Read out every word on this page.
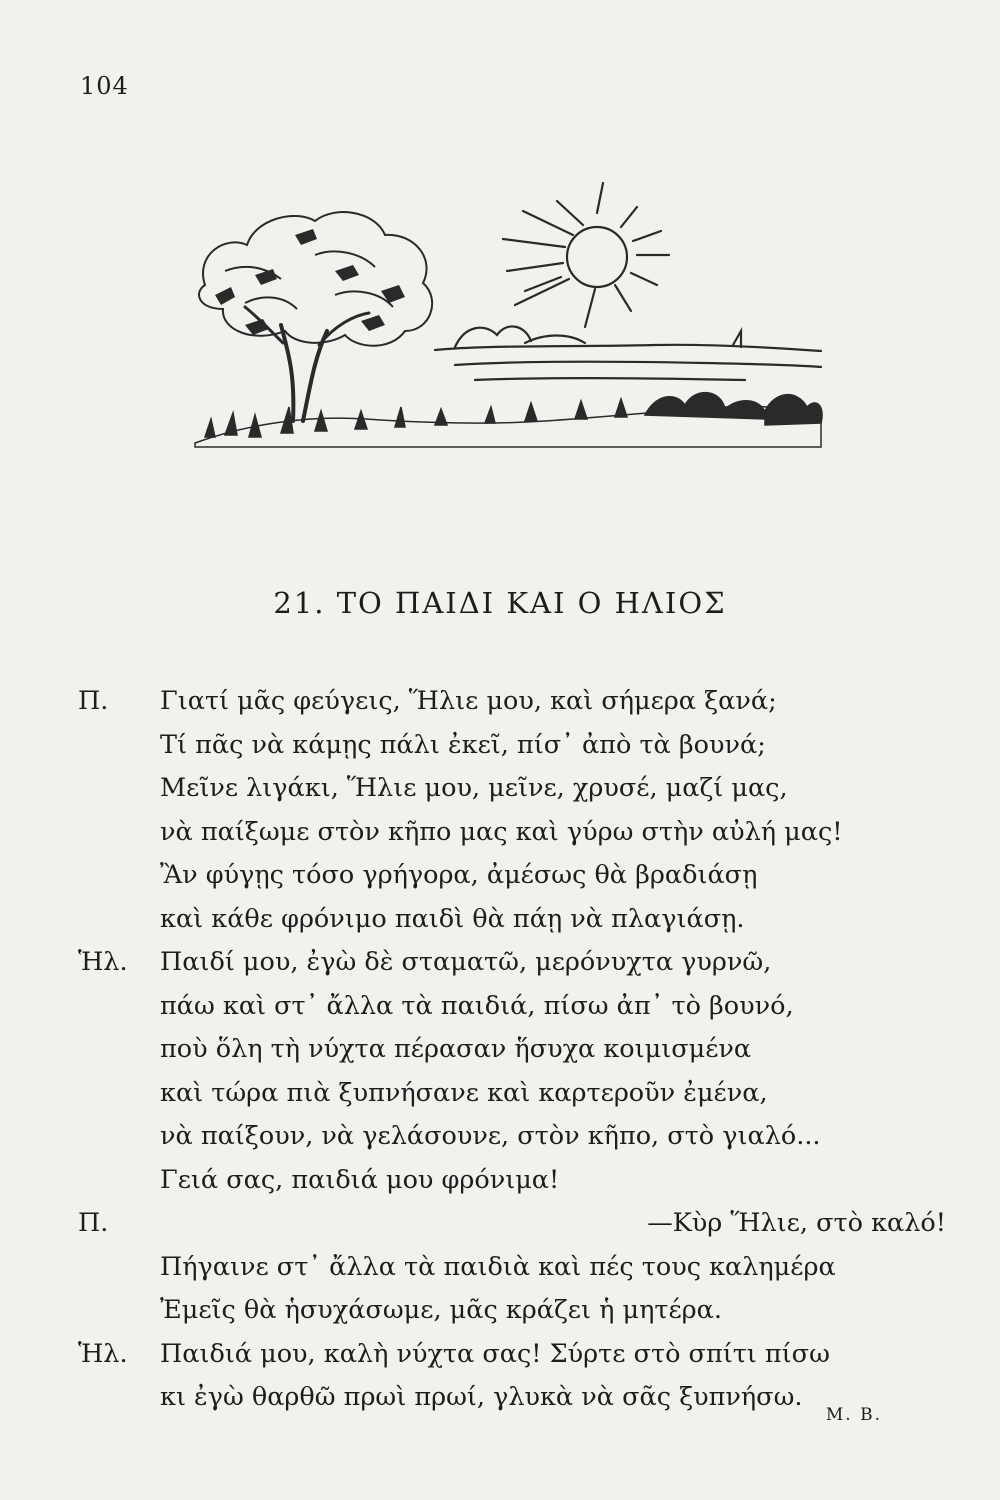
104
21. ΤΟ ΠΑΙΔΙ ΚΑΙ Ο ΗΛΙΟΣ
Π. Γιατί μᾶς φεύγεις, Ἥλιε μου, καὶ σήμερα ξανά;
Τί πᾶς νὰ κάμῃς πάλι ἐκεῖ, πίσ᾽ ἀπὸ τὰ βουνά;
Μεῖνε λιγάκι, Ἥλιε μου, μεῖνε, χρυσέ, μαζί μας,
νὰ παίξωμε στὸν κῆπο μας καὶ γύρω στὴν αὐλή μας!
Ἂν φύγῃς τόσο γρήγορα, ἀμέσως θὰ βραδιάσῃ
καὶ κάθε φρόνιμο παιδὶ θὰ πάῃ νὰ πλαγιάσῃ.
Ἡλ. Παιδί μου, ἐγὼ δὲ σταματῶ, μερόνυχτα γυρνῶ,
πάω καὶ στ᾽ ἄλλα τὰ παιδιά, πίσω ἀπ᾽ τὸ βουνό,
ποὺ ὅλη τὴ νύχτα πέρασαν ἥσυχα κοιμισμένα
καὶ τώρα πιὰ ξυπνήσανε καὶ καρτεροῦν ἐμένα,
νὰ παίξουν, νὰ γελάσουνε, στὸν κῆπο, στὸ γιαλό...
Γειά σας, παιδιά μου φρόνιμα!
Π.	—Κὺρ Ἥλιε, στὸ καλό!
Πήγαινε στ᾽ ἄλλα τὰ παιδιὰ καὶ πές τους καλημέρα
Ἐμεῖς θὰ ἡσυχάσωμε, μᾶς κράζει ἡ μητέρα.
Ἡλ. Παιδιά μου, καλὴ νύχτα σας! Σύρτε στὸ σπίτι πίσω
κι ἐγὼ θαρθῶ πρωὶ πρωί, γλυκὰ νὰ σᾶς ξυπνήσω.
Μ. Β.
